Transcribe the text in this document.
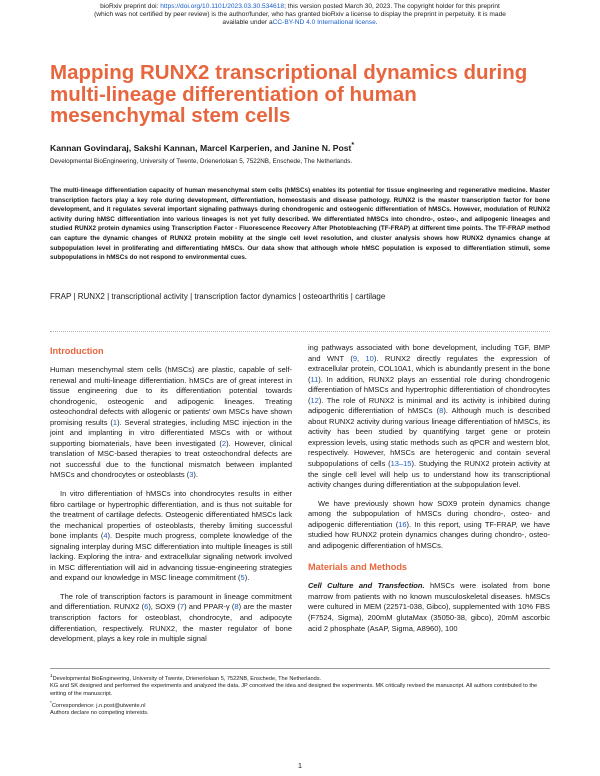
bioRxiv preprint doi: https://doi.org/10.1101/2023.03.30.534618; this version posted March 30, 2023. The copyright holder for this preprint
(which was not certified by peer review) is the author/funder, who has granted bioRxiv a license to display the preprint in perpetuity. It is made
available under aCC-BY-ND 4.0 International license.
Mapping RUNX2 transcriptional dynamics during multi-lineage differentiation of human mesenchymal stem cells
Kannan Govindaraj, Sakshi Kannan, Marcel Karperien, and Janine N. Post*
Developmental BioEngineering, University of Twente, Drienerlolaan 5, 7522NB, Enschede, The Netherlands.
The multi-lineage differentiation capacity of human mesenchymal stem cells (hMSCs) enables its potential for tissue engineering and regenerative medicine. Master transcription factors play a key role during development, differentiation, homeostasis and disease pathology. RUNX2 is the master transcription factor for bone development, and it regulates several important signaling pathways during chondrogenic and osteogenic differentiation of hMSCs. However, modulation of RUNX2 activity during hMSC differentiation into various lineages is not yet fully described. We differentiated hMSCs into chondro-, osteo-, and adipogenic lineages and studied RUNX2 protein dynamics using Transcription Factor - Fluorescence Recovery After Photobleaching (TF-FRAP) at different time points. The TF-FRAP method can capture the dynamic changes of RUNX2 protein mobility at the single cell level resolution, and cluster analysis shows how RUNX2 dynamics change at subpopulation level in proliferating and differentiating hMSCs. Our data show that although whole hMSC population is exposed to differentiation stimuli, some subpopulations in hMSCs do not respond to environmental cues.
FRAP | RUNX2 | transcriptional activity | transcription factor dynamics | osteoarthritis | cartilage
Introduction

Human mesenchymal stem cells (hMSCs) are plastic, capable of self-renewal and multi-lineage differentiation. hMSCs are of great interest in tissue engineering due to its differentiation potential towards chondrogenic, osteogenic and adipogenic lineages. Treating osteochondral defects with allogenic or patients' own MSCs have shown promising results (1). Several strategies, including MSC injection in the joint and implanting in vitro differentiated MSCs with or without supporting biomaterials, have been investigated (2). However, clinical translation of MSC-based therapies to treat osteochondral defects are not successful due to the functional mismatch between implanted hMSCs and chondrocytes or osteoblasts (3).

In vitro differentiation of hMSCs into chondrocytes results in either fibro cartilage or hypertrophic differentiation, and is thus not suitable for the treatment of cartilage defects. Osteogenic differentiated hMSCs lack the mechanical properties of osteoblasts, thereby limiting successful bone implants (4). Despite much progress, complete knowledge of the signaling interplay during MSC differentiation into multiple lineages is still lacking. Exploring the intra- and extracellular signaling network involved in MSC differentiation will aid in advancing tissue-engineering strategies and expand our knowledge in MSC lineage commitment (5).

The role of transcription factors is paramount in lineage commitment and differentiation. RUNX2 (6), SOX9 (7) and PPAR-γ (8) are the master transcription factors for osteoblast, chondrocyte, and adipocyte differentiation, respectively. RUNX2, the master regulator of bone development, plays a key role in multiple signal

ing pathways associated with bone development, including TGF, BMP and WNT (9, 10). RUNX2 directly regulates the expression of extracellular protein, COL10A1, which is abundantly present in the bone (11). In addition, RUNX2 plays an essential role during chondrogenic differentiation of hMSCs and hypertrophic differentiation of chondrocytes (12). The role of RUNX2 is minimal and its activity is inhibited during adipogenic differentiation of hMSCs (8). Although much is described about RUNX2 activity during various lineage differentiation of hMSCs, its activity has been studied by quantifying target gene or protein expression levels, using static methods such as qPCR and western blot, respectively. However, hMSCs are heterogenic and contain several subpopulations of cells (13–15). Studying the RUNX2 protein activity at the single cell level will help us to understand how its transcriptional activity changes during differentiation at the subpopulation level.

We have previously shown how SOX9 protein dynamics change among the subpopulation of hMSCs during chondro-, osteo- and adipogenic differentiation (16). In this report, using TF-FRAP, we have studied how RUNX2 protein dynamics changes during chondro-, osteo- and adipogenic differentiation of hMSCs.

Materials and Methods

Cell Culture and Transfection. hMSCs were isolated from bone marrow from patients with no known musculoskeletal diseases. hMSCs were cultured in MEM (22571-038, Gibco), supplemented with 10% FBS (F7524, Sigma), 200mM glutaMax (35050-38, gibco), 20mM ascorbic acid 2 phosphate (AsAP, Sigma, A8960), 100

$^1$Developmental BioEngineering, University of Twente, Drienerlolaan 5, 7522NB, Enschede, The Netherlands.

KG and SK designed and performed the experiments and analyzed the data. JP conceived the idea and designed the experiments. MK critically revised the manuscript. All authors contributed to the writing of the manuscript.

*Correspondence: j.n.post@utwente.nl

Authors declare no competing interests.

1
